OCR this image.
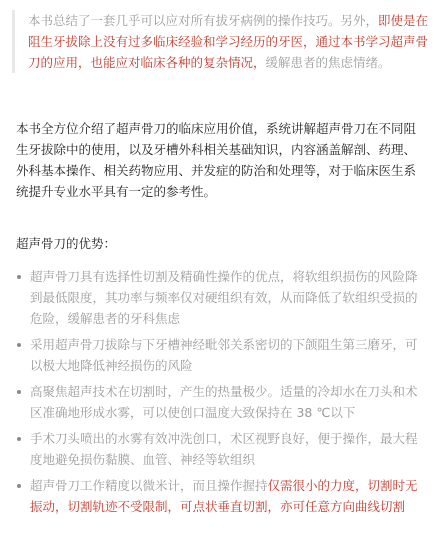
本书总结了一套几乎可以应对所有拔牙病例的操作技巧。另外，即使是在阻生牙拔除上没有过多临床经验和学习经历的牙医，通过本书学习超声骨刀的应用，也能应对临床各种的复杂情况，缓解患者的焦虑情绪。

本书全方位介绍了超声骨刀的临床应用价值，系统讲解超声骨刀在不同阻生牙拔除中的使用，以及牙槽外科相关基础知识，内容涵盖解剖、药理、外科基本操作、相关药物应用、并发症的防治和处理等，对于临床医生系统提升专业水平具有一定的参考性。

超声骨刀的优势：

超声骨刀具有选择性切割及精确性操作的优点，将软组织损伤的风险降到最低限度，其功率与频率仅对硬组织有效，从而降低了软组织受损的危险，缓解患者的牙科焦虑
采用超声骨刀拔除与下牙槽神经毗邻关系密切的下颌阻生第三磨牙，可以极大地降低神经损伤的风险
高聚焦超声技术在切割时，产生的热量极少。适量的冷却水在刀头和术区准确地形成水雾，可以使创口温度大致保持在 38 ℃以下
手术刀头喷出的水雾有效冲洗创口，术区视野良好，便于操作，最大程度地避免损伤黏膜、血管、神经等软组织
超声骨刀工作精度以微米计，而且操作握持仅需很小的力度，切割时无振动，切割轨迹不受限制，可点状垂直切割，亦可任意方向曲线切割
